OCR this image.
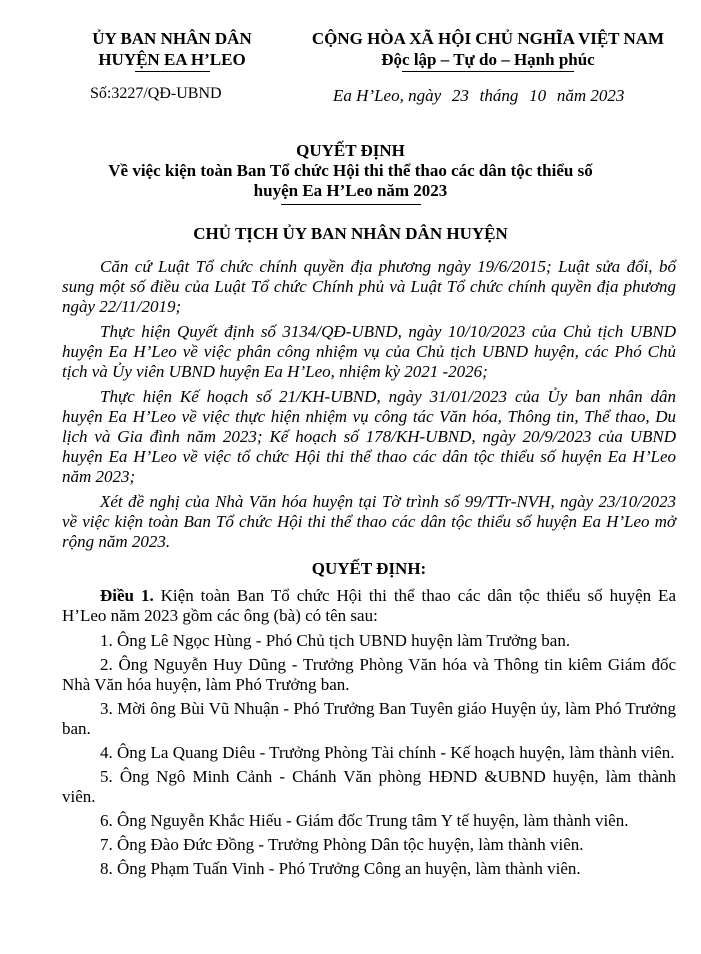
ỦY BAN NHÂN DÂN
HUYỆN EA H’LEO
CỘNG HÒA XÃ HỘI CHỦ NGHĨA VIỆT NAM
Độc lập – Tự do – Hạnh phúc
Số:3227/QĐ-UBND	Ea H’Leo, ngày 23 tháng 10 năm 2023
QUYẾT ĐỊNH
Về việc kiện toàn Ban Tổ chức Hội thi thể thao các dân tộc thiểu số
huyện Ea H’Leo năm 2023
CHỦ TỊCH ỦY BAN NHÂN DÂN HUYỆN

Căn cứ Luật Tổ chức chính quyền địa phương ngày 19/6/2015; Luật sửa đổi, bổ sung một số điều của Luật Tổ chức Chính phủ và Luật Tổ chức chính quyền địa phương ngày 22/11/2019;

Thực hiện Quyết định số 3134/QĐ-UBND, ngày 10/10/2023 của Chủ tịch UBND huyện Ea H’Leo về việc phân công nhiệm vụ của Chủ tịch UBND huyện, các Phó Chủ tịch và Ủy viên UBND huyện Ea H’Leo, nhiệm kỳ 2021 -2026;

Thực hiện Kế hoạch số 21/KH-UBND, ngày 31/01/2023 của Ủy ban nhân dân huyện Ea H’Leo về việc thực hiện nhiệm vụ công tác Văn hóa, Thông tin, Thể thao, Du lịch và Gia đình năm 2023; Kế hoạch số 178/KH-UBND, ngày 20/9/2023 của UBND huyện Ea H’Leo về việc tổ chức Hội thi thể thao các dân tộc thiểu số huyện Ea H’Leo năm 2023;

Xét đề nghị của Nhà Văn hóa huyện tại Tờ trình số 99/TTr-NVH, ngày 23/10/2023 về việc kiện toàn Ban Tổ chức Hội thi thể thao các dân tộc thiểu số huyện Ea H’Leo mở rộng năm 2023.

QUYẾT ĐỊNH:

Điều 1. Kiện toàn Ban Tổ chức Hội thi thể thao các dân tộc thiểu số huyện Ea H’Leo năm 2023 gồm các ông (bà) có tên sau:

1. Ông Lê Ngọc Hùng - Phó Chủ tịch UBND huyện làm Trưởng ban.

2. Ông Nguyễn Huy Dũng - Trưởng Phòng Văn hóa và Thông tin kiêm Giám đốc Nhà Văn hóa huyện, làm Phó Trưởng ban.

3. Mời ông Bùi Vũ Nhuận - Phó Trưởng Ban Tuyên giáo Huyện ủy, làm Phó Trưởng ban.

4. Ông La Quang Diêu - Trưởng Phòng Tài chính - Kế hoạch huyện, làm thành viên.

5. Ông Ngô Minh Cảnh - Chánh Văn phòng HĐND &UBND huyện, làm thành viên.

6. Ông Nguyễn Khắc Hiếu - Giám đốc Trung tâm Y tế huyện, làm thành viên.

7. Ông Đào Đức Đồng - Trưởng Phòng Dân tộc huyện, làm thành viên.

8. Ông Phạm Tuấn Vinh - Phó Trưởng Công an huyện, làm thành viên.
